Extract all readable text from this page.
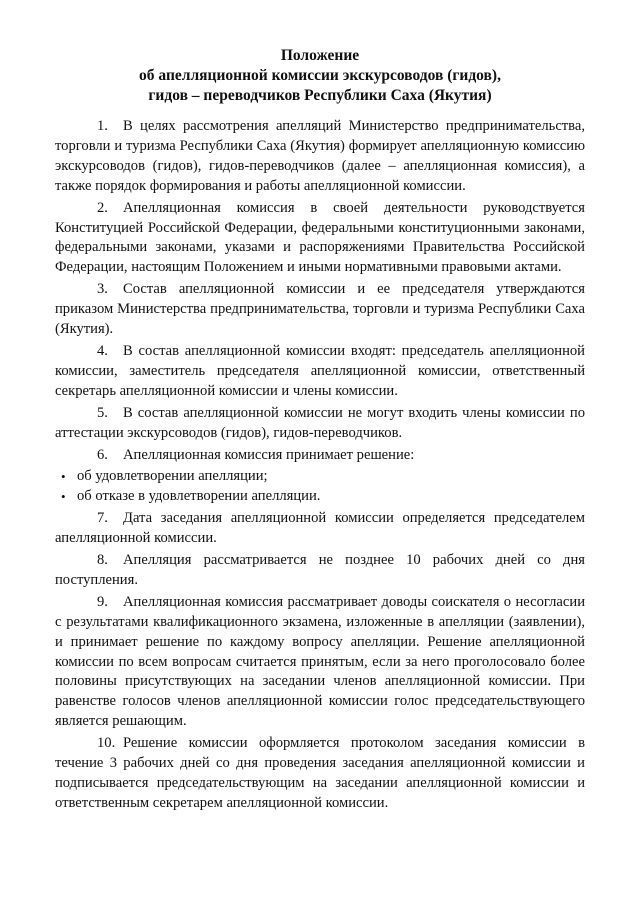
Положение
об апелляционной комиссии экскурсоводов (гидов),
гидов – переводчиков Республики Саха (Якутия)

1. В целях рассмотрения апелляций Министерство предпринимательства, торговли и туризма Республики Саха (Якутия) формирует апелляционную комиссию экскурсоводов (гидов), гидов-переводчиков (далее – апелляционная комиссия), а также порядок формирования и работы апелляционной комиссии.

2. Апелляционная комиссия в своей деятельности руководствуется Конституцией Российской Федерации, федеральными конституционными законами, федеральными законами, указами и распоряжениями Правительства Российской Федерации, настоящим Положением и иными нормативными правовыми актами.

3. Состав апелляционной комиссии и ее председателя утверждаются приказом Министерства предпринимательства, торговли и туризма Республики Саха (Якутия).

4. В состав апелляционной комиссии входят: председатель апелляционной комиссии, заместитель председателя апелляционной комиссии, ответственный секретарь апелляционной комиссии и члены комиссии.

5. В состав апелляционной комиссии не могут входить члены комиссии по аттестации экскурсоводов (гидов), гидов-переводчиков.

6. Апелляционная комиссия принимает решение:

• об удовлетворении апелляции;
• об отказе в удовлетворении апелляции.

7. Дата заседания апелляционной комиссии определяется председателем апелляционной комиссии.

8. Апелляция рассматривается не позднее 10 рабочих дней со дня поступления.

9. Апелляционная комиссия рассматривает доводы соискателя о несогласии с результатами квалификационного экзамена, изложенные в апелляции (заявлении), и принимает решение по каждому вопросу апелляции. Решение апелляционной комиссии по всем вопросам считается принятым, если за него проголосовало более половины присутствующих на заседании членов апелляционной комиссии. При равенстве голосов членов апелляционной комиссии голос председательствующего является решающим.

10. Решение комиссии оформляется протоколом заседания комиссии в течение 3 рабочих дней со дня проведения заседания апелляционной комиссии и подписывается председательствующим на заседании апелляционной комиссии и ответственным секретарем апелляционной комиссии.
